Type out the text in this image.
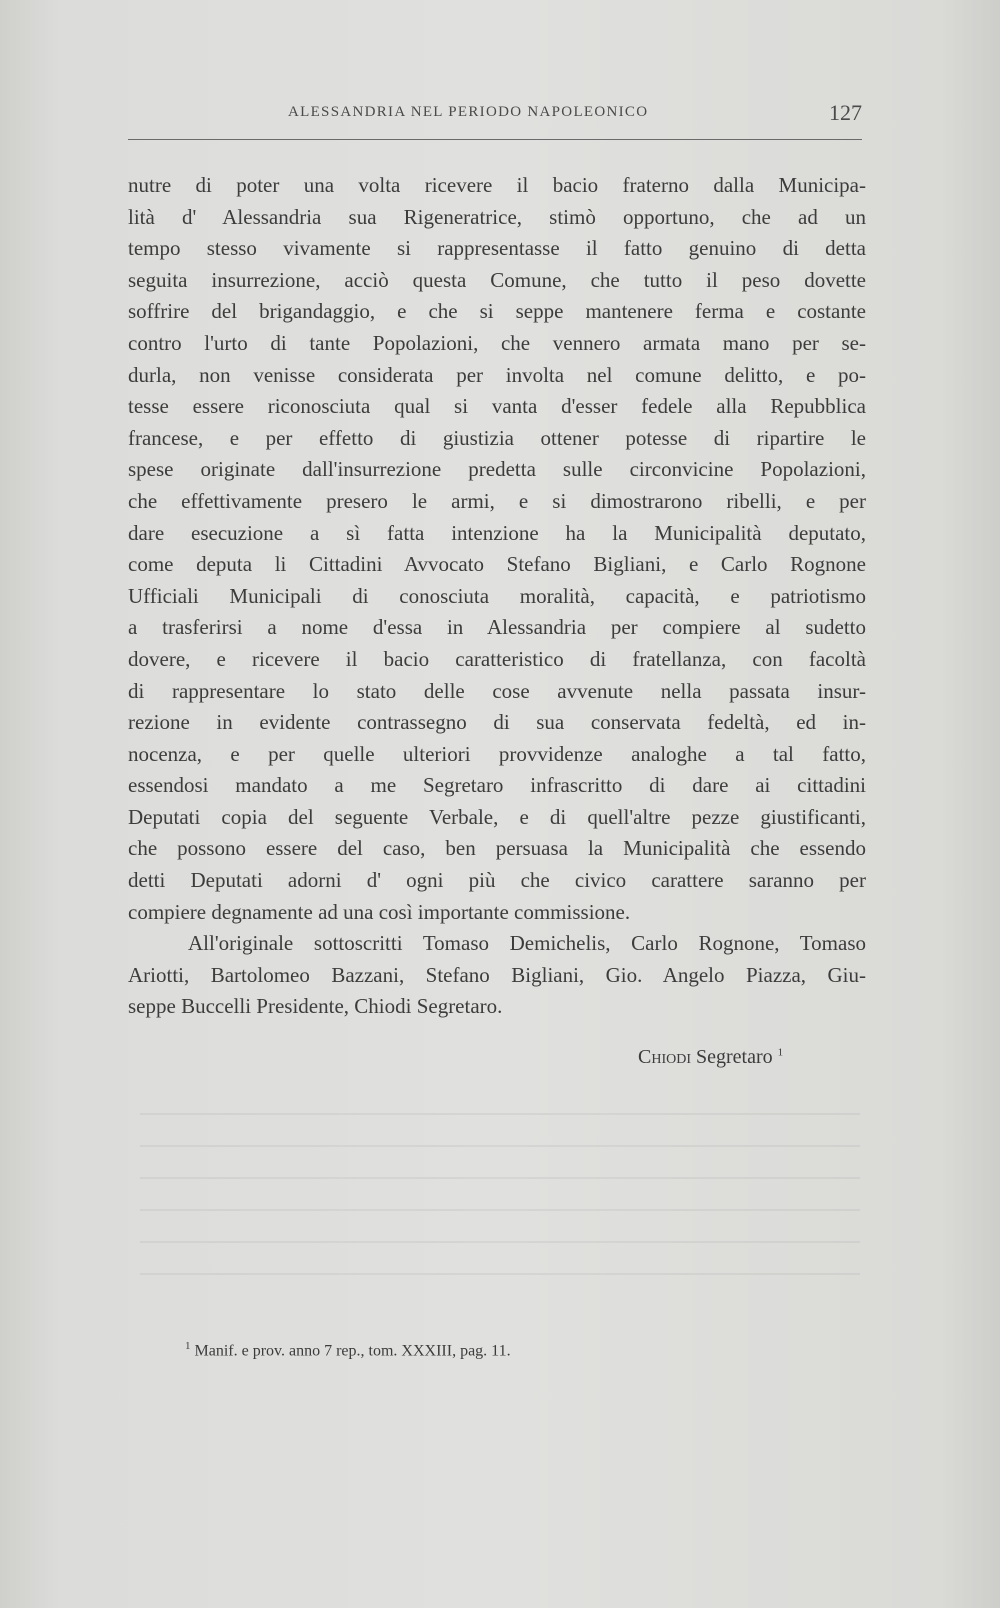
ALESSANDRIA NEL PERIODO NAPOLEONICO	127
nutre di poter una volta ricevere il bacio fraterno dalla Municipa-
lità d' Alessandria sua Rigeneratrice, stimò opportuno, che ad un
tempo stesso vivamente si rappresentasse il fatto genuino di detta
seguita insurrezione, acciò questa Comune, che tutto il peso dovette
soffrire del brigandaggio, e che si seppe mantenere ferma e costante
contro l'urto di tante Popolazioni, che vennero armata mano per se-
durla, non venisse considerata per involta nel comune delitto, e po-
tesse essere riconosciuta qual si vanta d'esser fedele alla Repubblica
francese, e per effetto di giustizia ottener potesse di ripartire le
spese originate dall'insurrezione predetta sulle circonvicine Popolazioni,
che effettivamente presero le armi, e si dimostrarono ribelli, e per
dare esecuzione a sì fatta intenzione ha la Municipalità deputato,
come deputa li Cittadini Avvocato Stefano Bigliani, e Carlo Rognone
Ufficiali Municipali di conosciuta moralità, capacità, e patriotismo
a trasferirsi a nome d'essa in Alessandria per compiere al sudetto
dovere, e ricevere il bacio caratteristico di fratellanza, con facoltà
di rappresentare lo stato delle cose avvenute nella passata insur-
rezione in evidente contrassegno di sua conservata fedeltà, ed in-
nocenza, e per quelle ulteriori provvidenze analoghe a tal fatto,
essendosi mandato a me Segretaro infrascritto di dare ai cittadini
Deputati copia del seguente Verbale, e di quell'altre pezze giustificanti,
che possono essere del caso, ben persuasa la Municipalità che essendo
detti Deputati adorni d' ogni più che civico carattere saranno per
compiere degnamente ad una così importante commissione.
All'originale sottoscritti Tomaso Demichelis, Carlo Rognone, Tomaso
Ariotti, Bartolomeo Bazzani, Stefano Bigliani, Gio. Angelo Piazza, Giu-
seppe Buccelli Presidente, Chiodi Segretaro.
Chiodi Segretaro $^1$
$^1$ Manif. e prov. anno 7 rep., tom. XXXIII, pag. 11.
